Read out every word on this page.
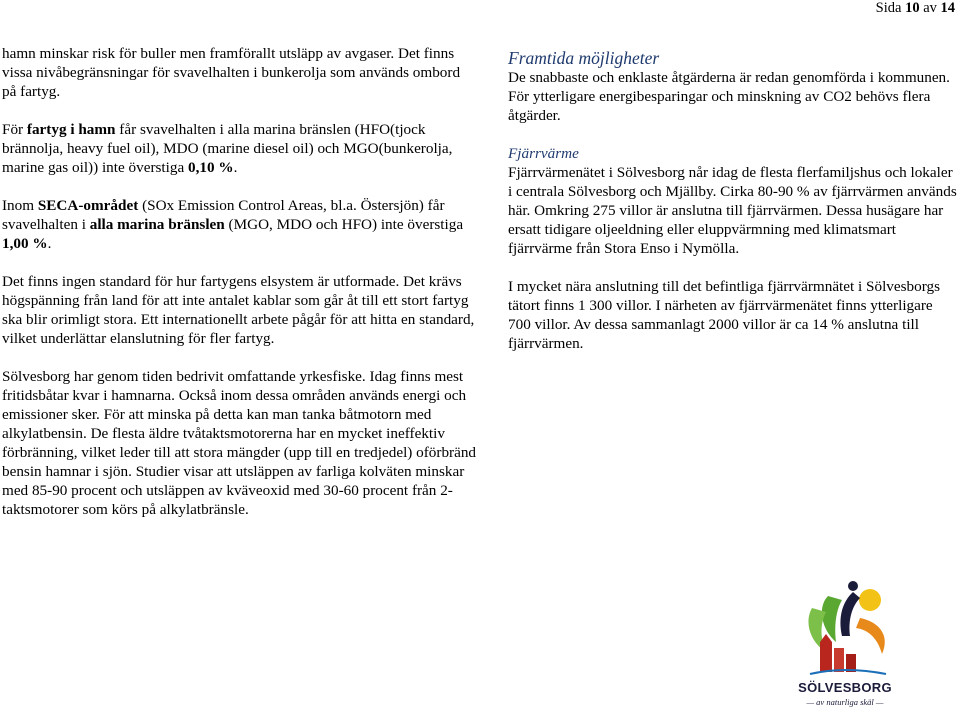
Sida 10 av 14

hamn minskar risk för buller men framförallt utsläpp av avgaser. Det finns vissa nivåbegränsningar för svavelhalten i bunkerolja som används ombord på fartyg.

För fartyg i hamn får svavelhalten i alla marina bränslen (HFO(tjock brännolja, heavy fuel oil), MDO (marine diesel oil) och MGO(bunkerolja, marine gas oil)) inte överstiga 0,10 %.

Inom SECA-området (SOx Emission Control Areas, bl.a. Östersjön) får svavelhalten i alla marina bränslen (MGO, MDO och HFO) inte överstiga 1,00 %.

Det finns ingen standard för hur fartygens elsystem är utformade. Det krävs högspänning från land för att inte antalet kablar som går åt till ett stort fartyg ska blir orimligt stora. Ett internationellt arbete pågår för att hitta en standard, vilket underlättar elanslutning för fler fartyg.

Sölvesborg har genom tiden bedrivit omfattande yrkesfiske. Idag finns mest fritidsbåtar kvar i hamnarna. Också inom dessa områden används energi och emissioner sker. För att minska på detta kan man tanka båtmotorn med alkylatbensin. De flesta äldre tvåtaktsmotorerna har en mycket ineffektiv förbränning, vilket leder till att stora mängder (upp till en tredjedel) oförbränd bensin hamnar i sjön. Studier visar att utsläppen av farliga kolväten minskar med 85-90 procent och utsläppen av kväveoxid med 30-60 procent från 2-taktsmotorer som körs på alkylatbränsle.

Framtida möjligheter

De snabbaste och enklaste åtgärderna är redan genomförda i kommunen. För ytterligare energibesparingar och minskning av CO2 behövs flera åtgärder.

Fjärrvärme

Fjärrvärmenätet i Sölvesborg når idag de flesta flerfamiljshus och lokaler i centrala Sölvesborg och Mjällby. Cirka 80-90 % av fjärrvärmen används här. Omkring 275 villor är anslutna till fjärrvärmen. Dessa husägare har ersatt tidigare oljeeldning eller eluppvärmning med klimatsmart fjärrvärme från Stora Enso i Nymölla.

I mycket nära anslutning till det befintliga fjärrvärmnätet i Sölvesborgs tätort finns 1 300 villor. I närheten av fjärrvärmenätet finns ytterligare 700 villor. Av dessa sammanlagt 2000 villor är ca 14 % anslutna till fjärrvärmen.

SÖLVESBORG
— av naturliga skäl —
